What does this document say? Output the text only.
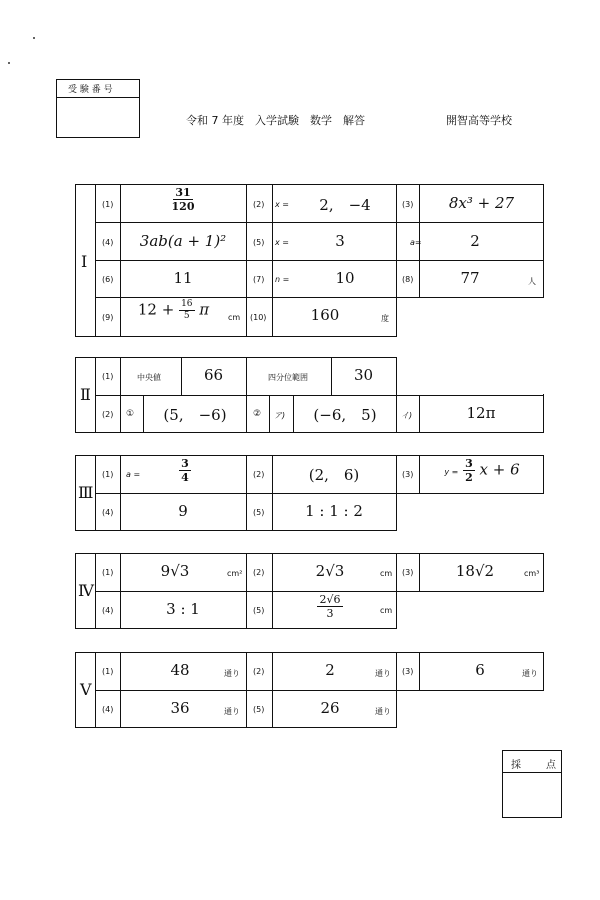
受 験 番 号
令和 7 年度　入学試験　数学　解答	開智高等学校
Ⅰ
(1)	$\frac{31}{120}$	(2) x =	2,　−4	(3)	8x³ + 27
(4)	3ab(a + 1)²	(5) x =	3	a=	2
(6)	11	(7) n =	10	(8)	77	人
(9)	$12 + \frac{16}{5}$ π	cm (10)	160	度
Ⅱ
(1)	中央値	66	四分位範囲	30
(2) ①	(5,　−6)	② ア)	(−6,　5)	イ)	12π
Ⅲ
(1) a =	$\frac{3}{4}$	(2)	(2,　6)	(3)	$y = \frac{3}{2}$ x + 6
(4)	9	(5)	1 : 1 : 2
Ⅳ
(1)	9√3	cm² (2)	2√3	cm (3)	18√2	cm³
(4)	3 : 1	(5)	$\frac{2√6}{3}$	cm
Ⅴ
(1)	48	通り (2)	2	通り (3)	6	通り
(4)	36	通り (5)	26	通り
採	点
